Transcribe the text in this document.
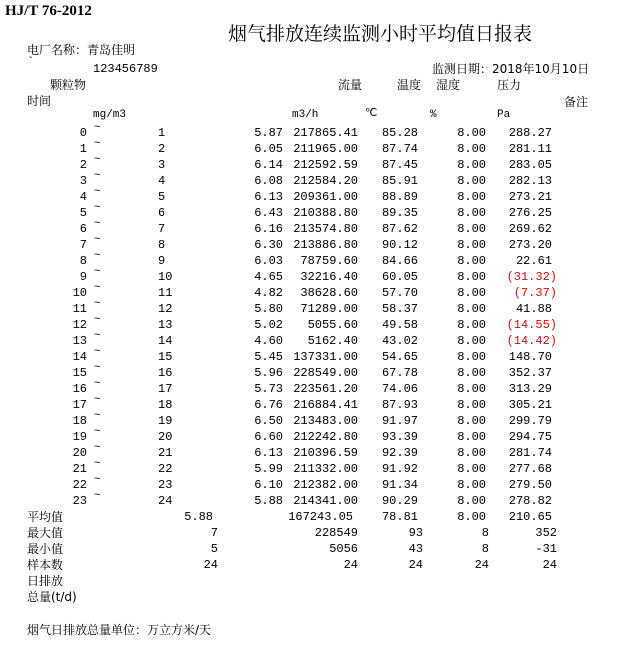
HJ/T 76-2012
烟气排放连续监测小时平均值日报表
电厂名称：青岛佳明
`	123456789	监测日期：2018年10月10日
颗粒物	流量	温度 湿度	压力
时间	备注
mg/m3	m3/h	℃	%	Pa
0 ~	1	5.87 217865.41 85.28	8.00 288.27
1 ~	2	6.05 211965.00 87.74	8.00 281.11
2 ~	3	6.14 212592.59 87.45	8.00 283.05
3 ~	4	6.08 212584.20 85.91	8.00 282.13
4 ~	5	6.13 209361.00 88.89	8.00 273.21
5 ~	6	6.43 210388.80 89.35	8.00 276.25
6 ~	7	6.16 213574.80 87.62	8.00 269.62
7 ~	8	6.30 213886.80 90.12	8.00 273.20
8 ~	9	6.03 78759.60 84.66	8.00 22.61
9 ~	10	4.65 32216.40 60.05	8.00 (31.32)
10 ~	11	4.82 38628.60 57.70	8.00 (7.37)
11 ~	12	5.80 71289.00 58.37	8.00 41.88
12 ~	13	5.02 5055.60 49.58	8.00 (14.55)
13 ~	14	4.60 5162.40 43.02	8.00 (14.42)
14 ~	15	5.45 137331.00 54.65	8.00 148.70
15 ~	16	5.96 228549.00 67.78	8.00 352.37
16 ~	17	5.73 223561.20 74.06	8.00 313.29
17 ~	18	6.76 216884.41 87.93	8.00 305.21
18 ~	19	6.50 213483.00 91.97	8.00 299.79
19 ~	20	6.60 212242.80 93.39	8.00 294.75
20 ~	21	6.13 210396.59 92.39	8.00 281.74
21 ~	22	5.99 211332.00 91.92	8.00 277.68
22 ~	23	6.10 212382.00 91.34	8.00 279.50
23 ~	24	5.88 214341.00 90.29	8.00 278.82
平均值	5.88	167243.05 78.81	8.00 210.65
最大值	7	228549	93	8	352
最小值	5	5056	43	8	-31
样本数	24	24	24	24	24
日排放
总量(t/d)
烟气日排放总量单位：万立方米/天
